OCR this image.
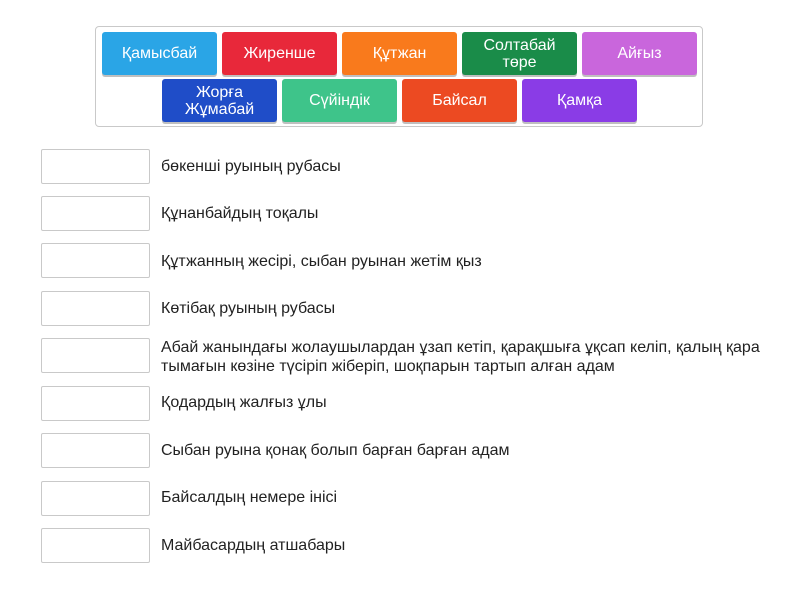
Қамысбай	Жиренше	Құтжан	Солтабай төре	Айғыз
Жорға Жұмабай	Сүйіндік	Байсал	Қамқа
бөкенші руының рубасы
Құнанбайдың тоқалы
Құтжанның жесірі, сыбан руынан жетім қыз
Көтібақ руының рубасы
Абай жанындағы жолаушылардан ұзап кетіп, қарақшыға ұқсап келіп, қалың қара тымағын көзіне түсіріп жіберіп, шоқпарын тартып алған адам
Қодардың жалғыз ұлы
Сыбан руына қонақ болып барған барған адам
Байсалдың немере інісі
Майбасардың атшабары
